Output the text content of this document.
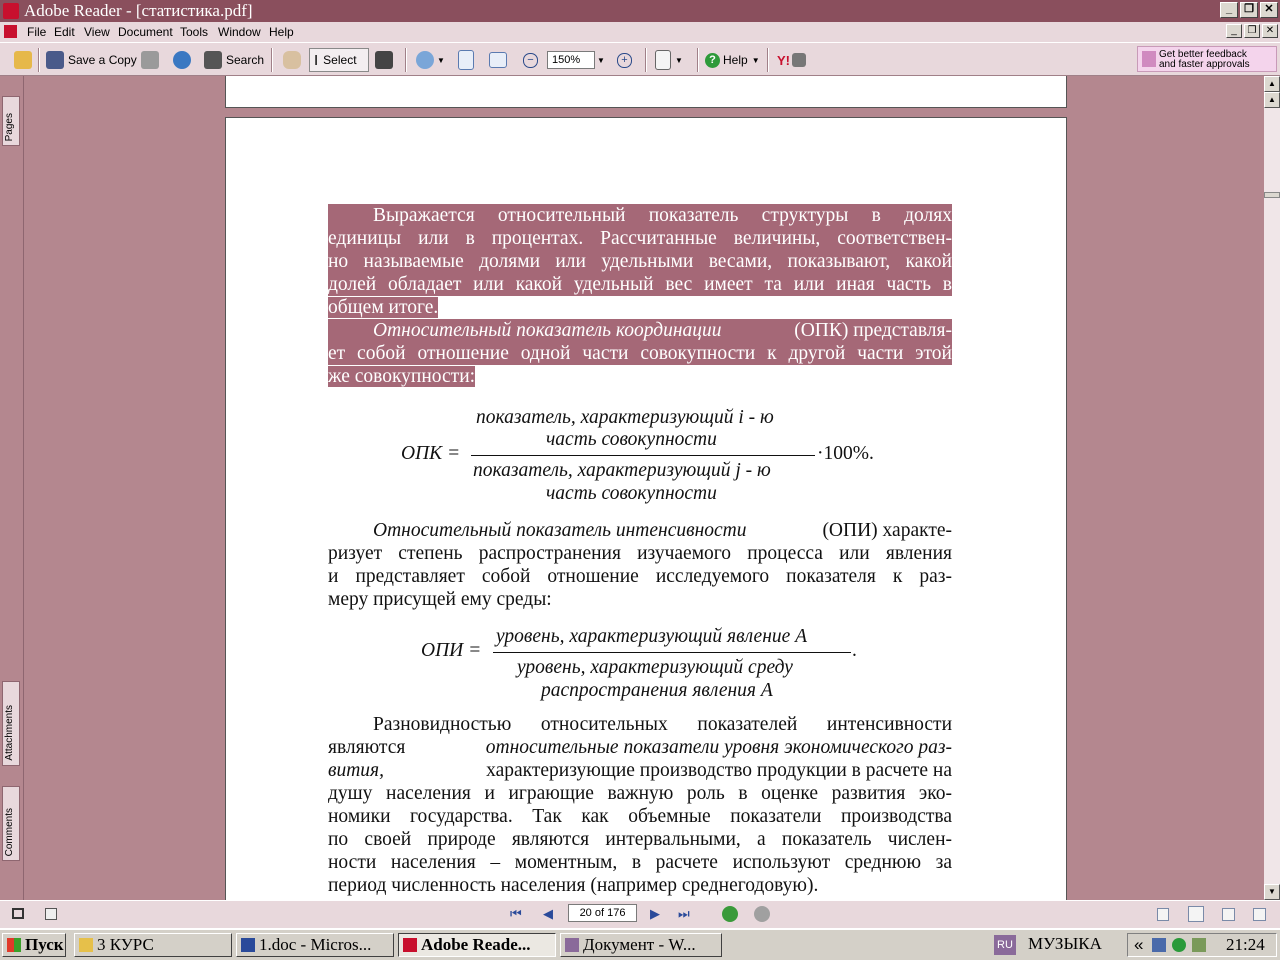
Adobe Reader - [статистика.pdf]	_	❐ ✕
File Edit View Document Tools Window Help	_	❐ ✕
Save a Copy	Search	I Select	▼	−	150%	▼	+	▼	? Help ▼ Y!	Get better feedback
and faster approvals
Pages
Attachments
Comments
▲
▲
▼
Выражается относительный показатель структуры в долях
единицы или в процентах. Рассчитанные величины, соответствен-
но называемые долями или удельными весами, показывают, какой
долей обладает или какой удельный вес имеет та или иная часть в
общем итоге.
Относительный показатель координации	(ОПК) представля-
ет собой отношение одной части совокупности к другой части этой
же совокупности:
ОПК =
показатель, характеризующий i - ю
часть совокупности
показатель, характеризующий j - ю
часть совокупности
·100%.
Относительный показатель интенсивности	(ОПИ) характе-
ризует степень распространения изучаемого процесса или явления
и представляет собой отношение исследуемого показателя к раз-
меру присущей ему среды:
ОПИ =
уровень, характеризующий явление A
уровень, характеризующий среду
распространения явления A
.
Разновидностью относительных показателей интенсивности
являются	относительные показатели уровня экономического раз-
вития,	характеризующие производство продукции в расчете на
душу населения и играющие важную роль в оценке развития эко-
номики государства. Так как объемные показатели производства
по своей природе являются интервальными, а показатель числен-
ности населения – моментным, в расчете используют среднюю за
период численность населения (например среднегодовую).
⏮ ◀	▶ ⏭
20 of 176
Пуск	3 КУРС	1.doc - Micros...	Adobe Reade...	Документ - W...	RU МУЗЫКА «	21:24
